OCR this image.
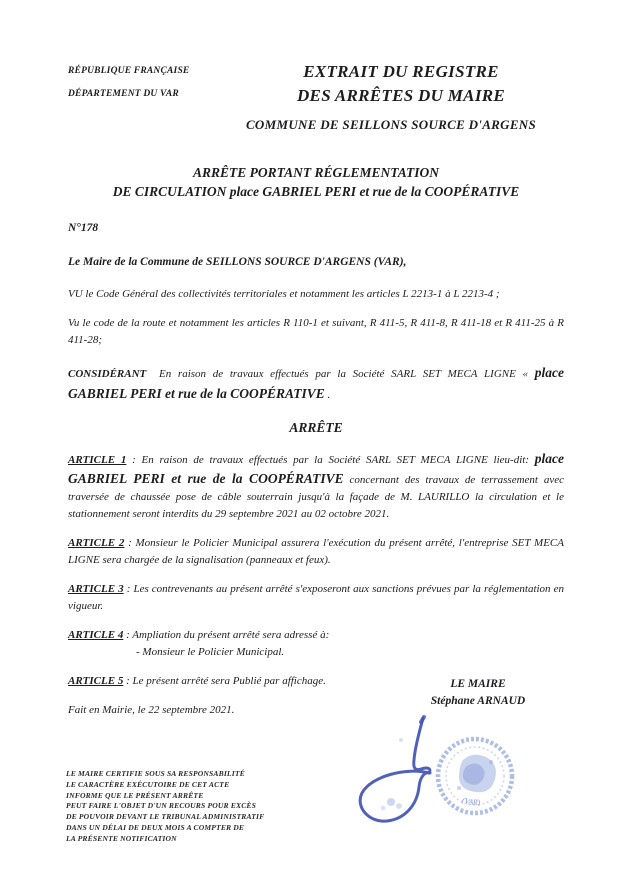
RÉPUBLIQUE FRANÇAISE
DÉPARTEMENT DU VAR
EXTRAIT DU REGISTRE
DES ARRÊTES DU MAIRE
COMMUNE DE SEILLONS SOURCE D'ARGENS
ARRÊTE PORTANT RÉGLEMENTATION
DE CIRCULATION place GABRIEL PERI et rue de la COOPÉRATIVE
N°178
Le Maire de la Commune de SEILLONS SOURCE D'ARGENS (VAR),
VU le Code Général des collectivités territoriales et notamment les articles L 2213-1 à L 2213-4 ;
Vu le code de la route et notamment les articles R 110-1 et suivant, R 411-5, R 411-8, R 411-18 et R 411-25 à R 411-28;
CONSIDÉRANT En raison de travaux effectués par la Société SARL SET MECA LIGNE « place GABRIEL PERI et rue de la COOPÉRATIVE .
ARRÊTE
ARTICLE 1 : En raison de travaux effectués par la Société SARL SET MECA LIGNE lieu-dit: place GABRIEL PERI et rue de la COOPÉRATIVE concernant des travaux de terrassement avec traversée de chaussée pose de câble souterrain jusqu'à la façade de M. LAURILLO la circulation et le stationnement seront interdits du 29 septembre 2021 au 02 octobre 2021.
ARTICLE 2 : Monsieur le Policier Municipal assurera l'exécution du présent arrêté, l'entreprise SET MECA LIGNE sera chargée de la signalisation (panneaux et feux).
ARTICLE 3 : Les contrevenants au présent arrêté s'exposeront aux sanctions prévues par la réglementation en vigueur.
ARTICLE 4 : Ampliation du présent arrêté sera adressé à:
- Monsieur le Policier Municipal.
ARTICLE 5 : Le présent arrêté sera Publié par affichage.
Fait en Mairie, le 22 septembre 2021.
LE MAIRE
Stéphane ARNAUD
(VAR)
LE MAIRE CERTIFIE SOUS SA RESPONSABILITÉ
LE CARACTÈRE EXÉCUTOIRE DE CET ACTE
INFORME QUE LE PRÉSENT ARRÊTE
PEUT FAIRE L'OBJET D'UN RECOURS POUR EXCÈS
DE POUVOIR DEVANT LE TRIBUNAL ADMINISTRATIF
DANS UN DÉLAI DE DEUX MOIS A COMPTER DE
LA PRÉSENTE NOTIFICATION
